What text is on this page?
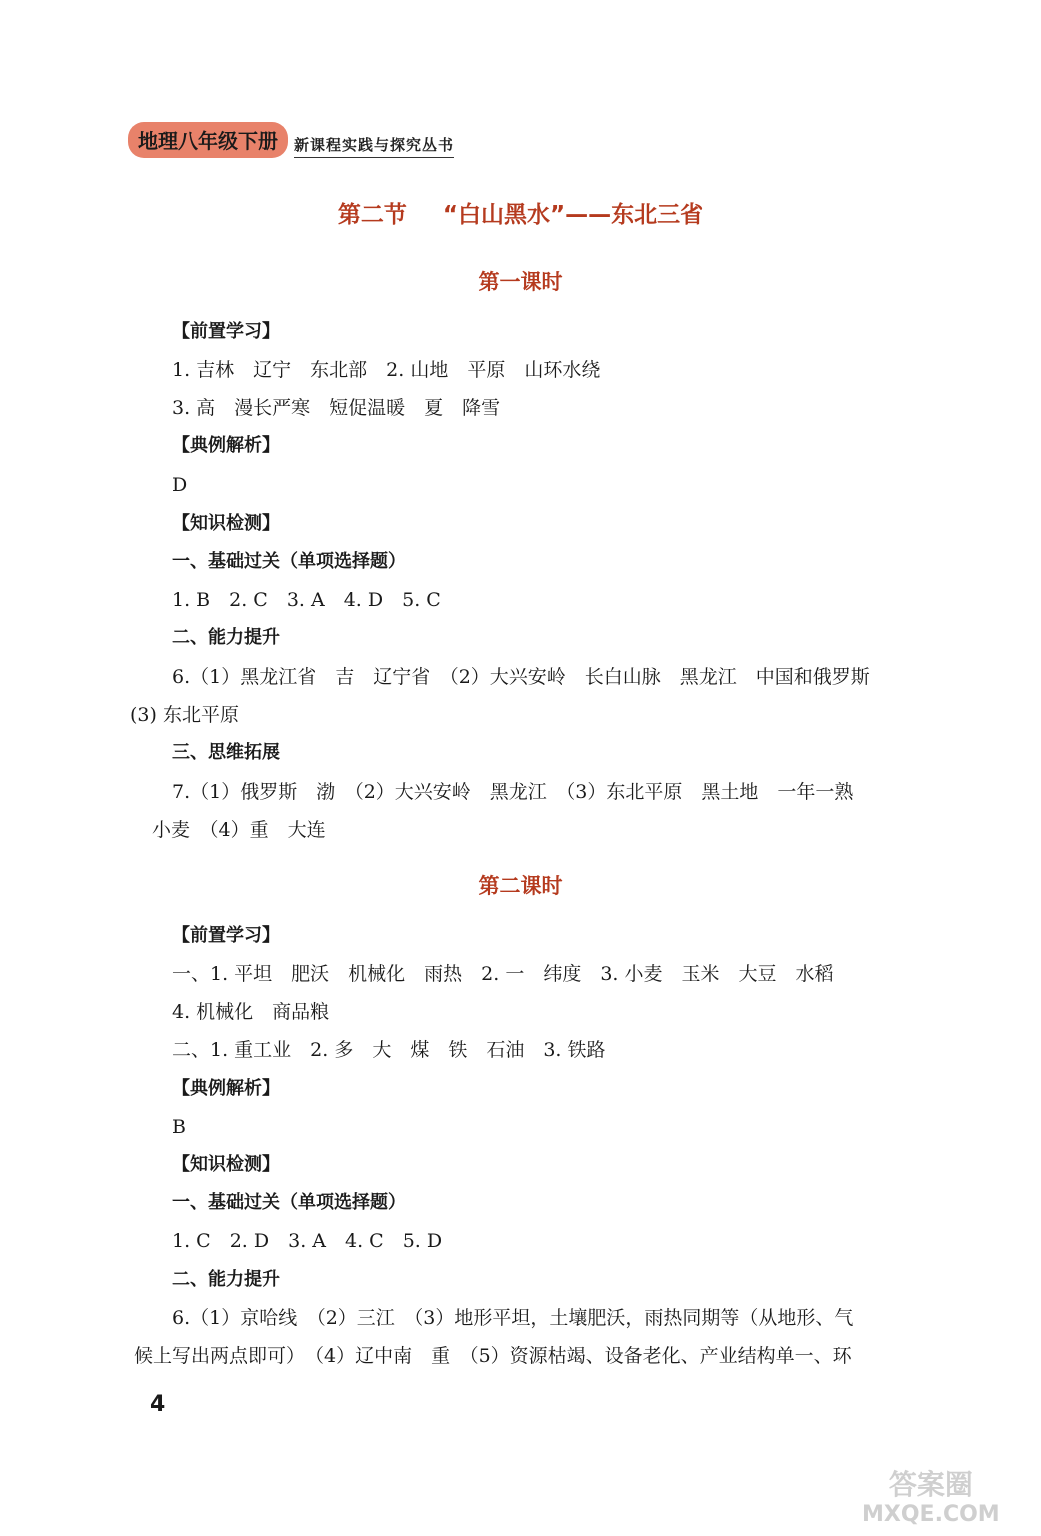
地理八年级下册	新课程实践与探究丛书
第二节 “白山黑水”——东北三省
第一课时
【前置学习】
1. 吉林　辽宁　东北部　2. 山地　平原　山环水绕
3. 高　漫长严寒　短促温暖　夏　降雪
【典例解析】
D
【知识检测】
一、基础过关（单项选择题）
1. B　2. C　3. A　4. D　5. C
二、能力提升
6.（1）黑龙江省　吉　辽宁省　（2）大兴安岭　长白山脉　黑龙江　中国和俄罗斯
(3) 东北平原
三、思维拓展
7.（1）俄罗斯　渤　（2）大兴安岭　黑龙江　（3）东北平原　黑土地　一年一熟
小麦　（4）重　大连
第二课时
【前置学习】
一、1. 平坦　肥沃　机械化　雨热　2. 一　纬度　3. 小麦　玉米　大豆　水稻
4. 机械化　商品粮
二、1. 重工业　2. 多　大　煤　铁　石油　3. 铁路
【典例解析】
B
【知识检测】
一、基础过关（单项选择题）
1. C　2. D　3. A　4. C　5. D
二、能力提升
6.（1）京哈线　（2）三江　（3）地形平坦，土壤肥沃，雨热同期等（从地形、气
候上写出两点即可）　（4）辽中南　重　（5）资源枯竭、设备老化、产业结构单一、环
4
答案圈
MXQE.COM
